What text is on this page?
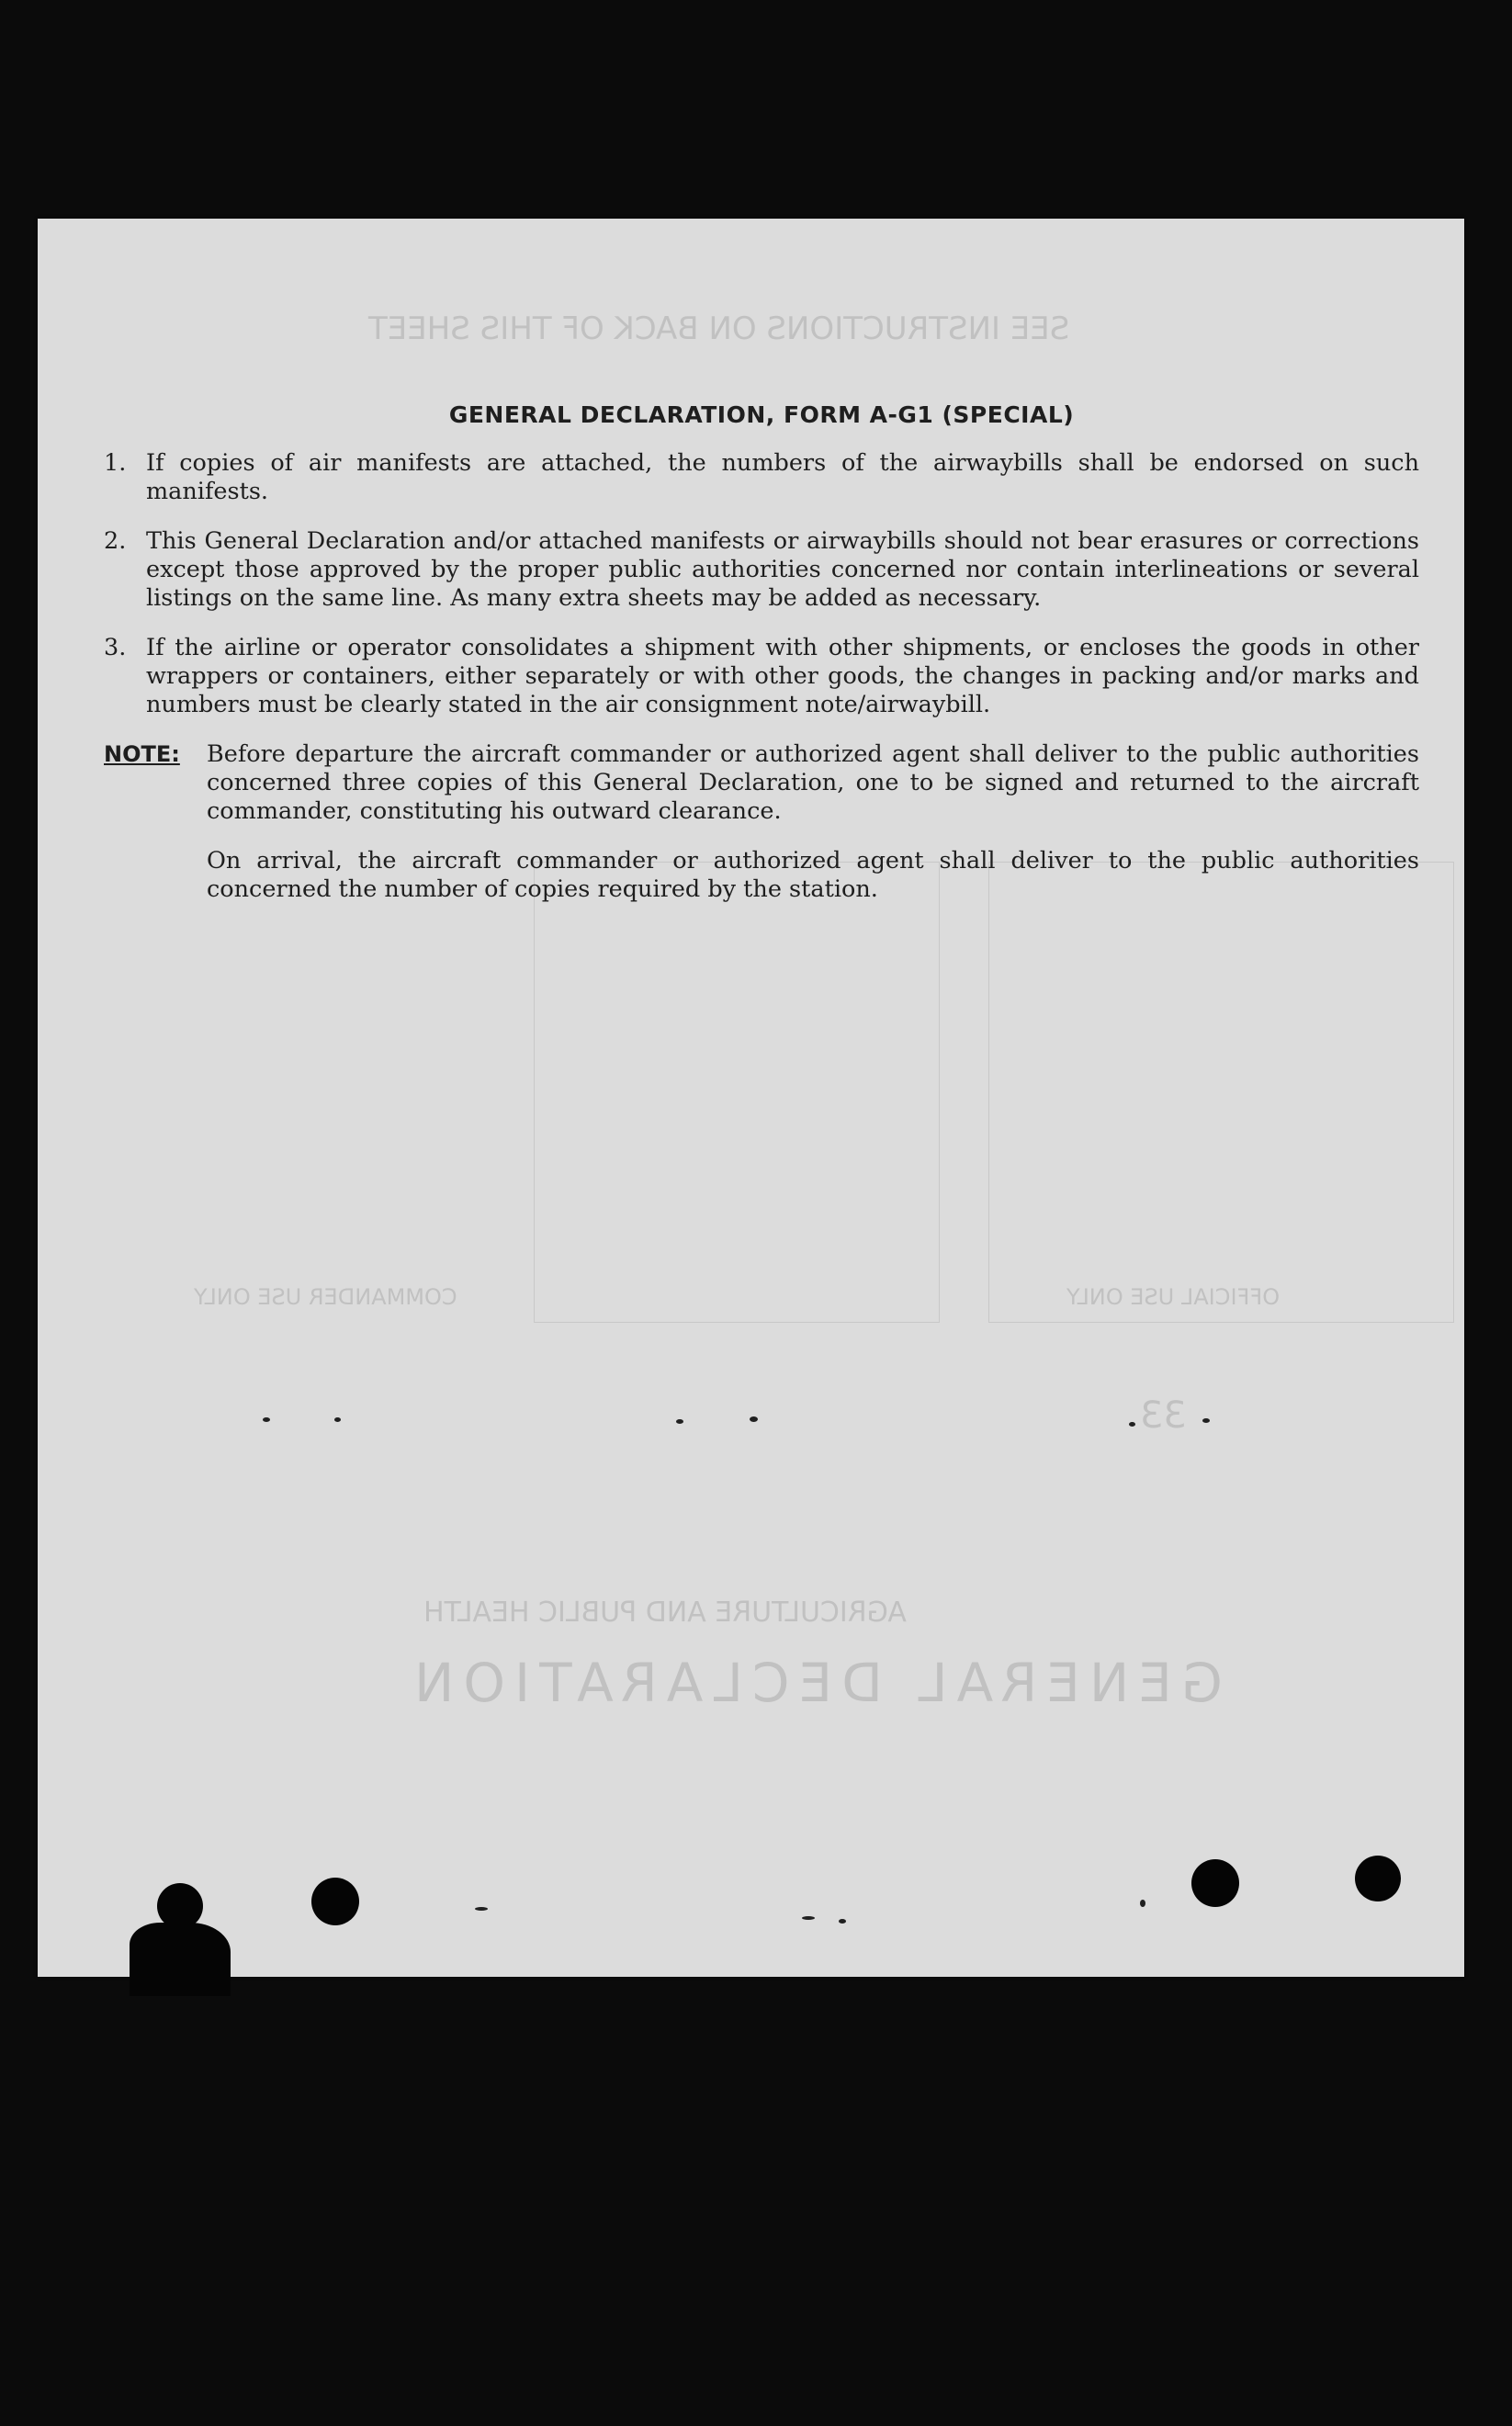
SEE INSTRUCTIONS ON BACK OF THIS SHEET
COMMANDER USE ONLY	OFFICIAL USE ONLY
AGRICULTURE AND PUBLIC HEALTH
GENERAL DECLARATION
33
GENERAL DECLARATION, FORM A-G1 (SPECIAL)
1. If copies of air manifests are attached, the numbers of the airwaybills shall be endorsed on such manifests.
2. This General Declaration and/or attached manifests or airwaybills should not bear erasures or corrections except those approved by the proper public authorities concerned nor contain interlineations or several listings on the same line. As many extra sheets may be added as necessary.
3. If the airline or operator consolidates a shipment with other shipments, or encloses the goods in other wrappers or containers, either separately or with other goods, the changes in packing and/or marks and numbers must be clearly stated in the air consignment note/airwaybill.
NOTE:	Before departure the aircraft commander or authorized agent shall deliver to the public authorities concerned three copies of this General Declaration, one to be signed and returned to the aircraft commander, constituting his outward clearance.

On arrival, the aircraft commander or authorized agent shall deliver to the public authorities concerned the number of copies required by the station.
